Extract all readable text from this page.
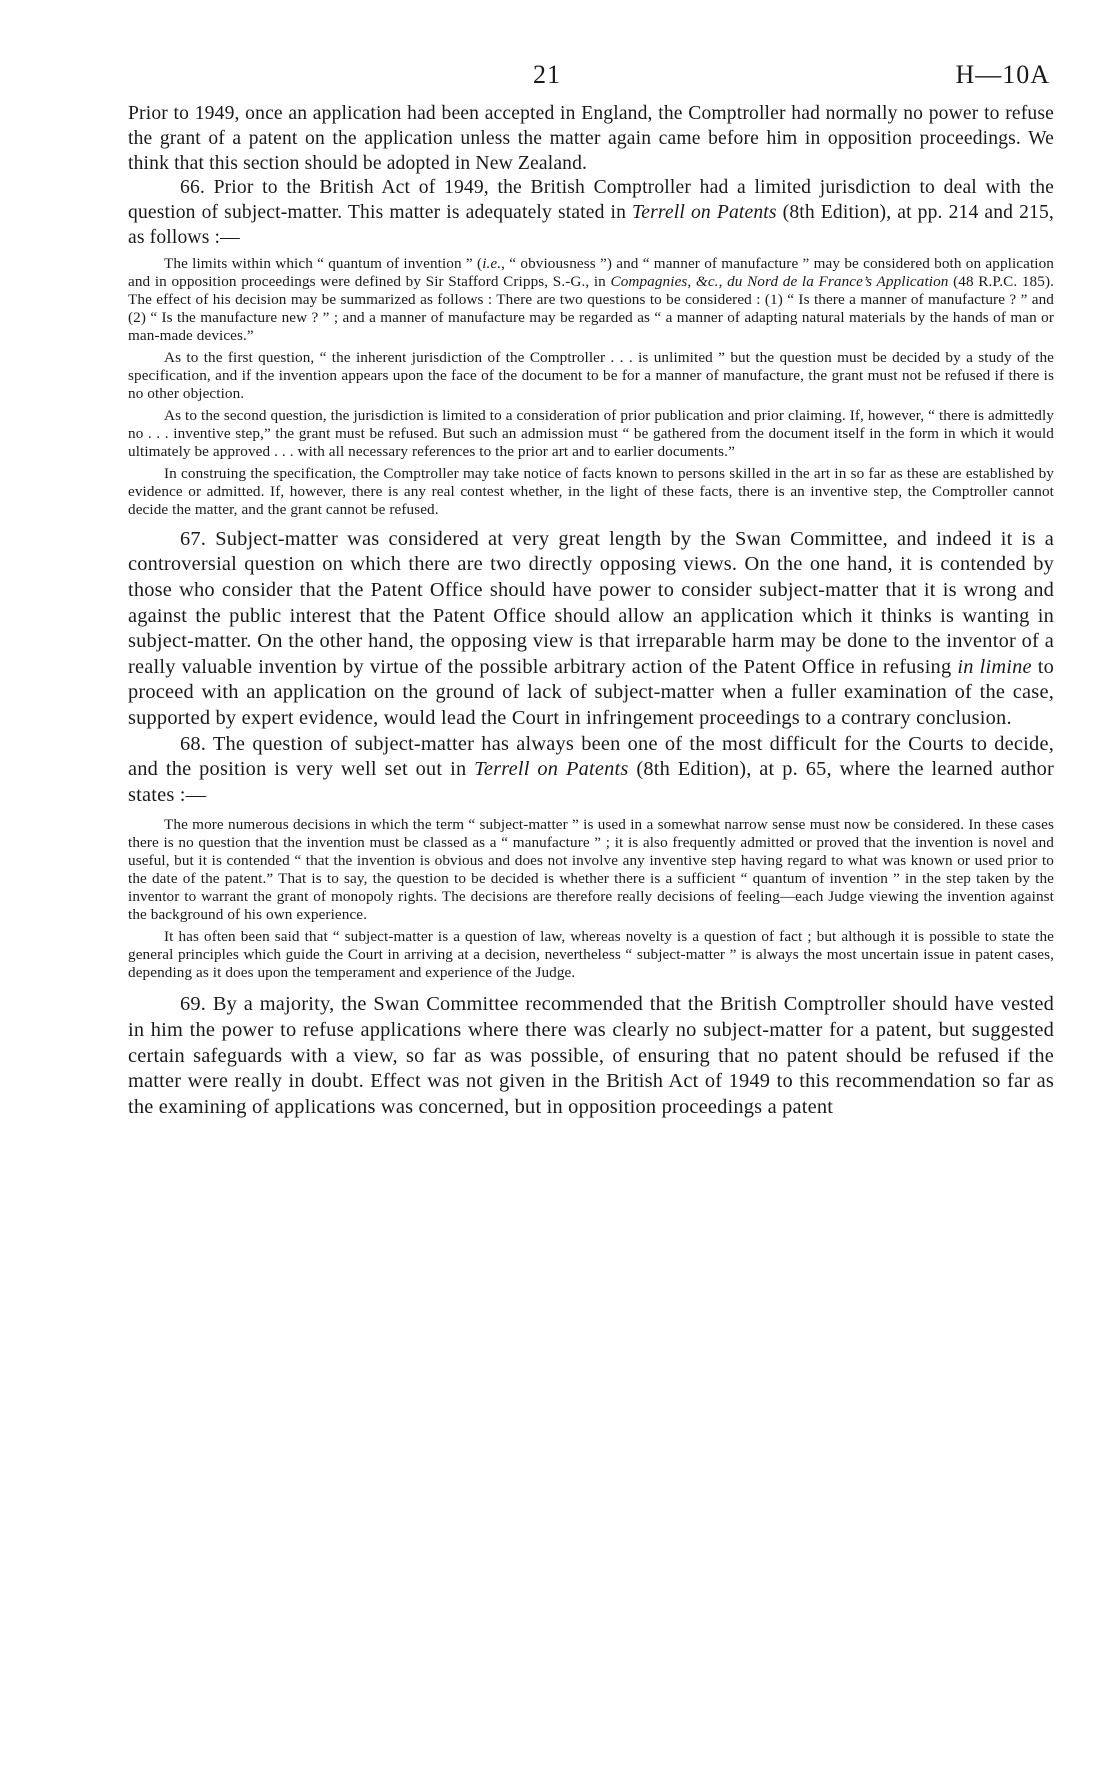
21	H—10A

Prior to 1949, once an application had been accepted in England, the Comptroller had normally no power to refuse the grant of a patent on the application unless the matter again came before him in opposition proceedings. We think that this section should be adopted in New Zealand.

66. Prior to the British Act of 1949, the British Comptroller had a limited jurisdiction to deal with the question of subject-matter. This matter is adequately stated in Terrell on Patents (8th Edition), at pp. 214 and 215, as follows :—

The limits within which “ quantum of invention ” (i.e., “ obviousness ”) and “ manner of manufacture ” may be considered both on application and in opposition proceedings were defined by Sir Stafford Cripps, S.-G., in Compagnies, &c., du Nord de la France’s Application (48 R.P.C. 185). The effect of his decision may be summarized as follows : There are two questions to be considered : (1) “ Is there a manner of manufacture ? ” and (2) “ Is the manufacture new ? ” ; and a manner of manufacture may be regarded as “ a manner of adapting natural materials by the hands of man or man-made devices.”

As to the first question, “ the inherent jurisdiction of the Comptroller . . . is unlimited ” but the question must be decided by a study of the specification, and if the invention appears upon the face of the document to be for a manner of manufacture, the grant must not be refused if there is no other objection.

As to the second question, the jurisdiction is limited to a consideration of prior publication and prior claiming. If, however, “ there is admittedly no . . . inventive step,” the grant must be refused. But such an admission must “ be gathered from the document itself in the form in which it would ultimately be approved . . . with all necessary references to the prior art and to earlier documents.”

In construing the specification, the Comptroller may take notice of facts known to persons skilled in the art in so far as these are established by evidence or admitted. If, however, there is any real contest whether, in the light of these facts, there is an inventive step, the Comptroller cannot decide the matter, and the grant cannot be refused.

67. Subject-matter was considered at very great length by the Swan Committee, and indeed it is a controversial question on which there are two directly opposing views. On the one hand, it is contended by those who consider that the Patent Office should have power to consider subject-matter that it is wrong and against the public interest that the Patent Office should allow an application which it thinks is wanting in subject-matter. On the other hand, the opposing view is that irreparable harm may be done to the inventor of a really valuable invention by virtue of the possible arbitrary action of the Patent Office in refusing in limine to proceed with an application on the ground of lack of subject-matter when a fuller examination of the case, supported by expert evidence, would lead the Court in infringement proceedings to a contrary conclusion.

68. The question of subject-matter has always been one of the most difficult for the Courts to decide, and the position is very well set out in Terrell on Patents (8th Edition), at p. 65, where the learned author states :—

The more numerous decisions in which the term “ subject-matter ” is used in a somewhat narrow sense must now be considered. In these cases there is no question that the invention must be classed as a “ manufacture ” ; it is also frequently admitted or proved that the invention is novel and useful, but it is contended “ that the invention is obvious and does not involve any inventive step having regard to what was known or used prior to the date of the patent.” That is to say, the question to be decided is whether there is a sufficient “ quantum of invention ” in the step taken by the inventor to warrant the grant of monopoly rights. The decisions are therefore really decisions of feeling—each Judge viewing the invention against the background of his own experience.

It has often been said that “ subject-matter is a question of law, whereas novelty is a question of fact ; but although it is possible to state the general principles which guide the Court in arriving at a decision, nevertheless “ subject-matter ” is always the most uncertain issue in patent cases, depending as it does upon the temperament and experience of the Judge.

69. By a majority, the Swan Committee recommended that the British Comptroller should have vested in him the power to refuse applications where there was clearly no subject-matter for a patent, but suggested certain safeguards with a view, so far as was possible, of ensuring that no patent should be refused if the matter were really in doubt. Effect was not given in the British Act of 1949 to this recommendation so far as the examining of applications was concerned, but in opposition proceedings a patent
